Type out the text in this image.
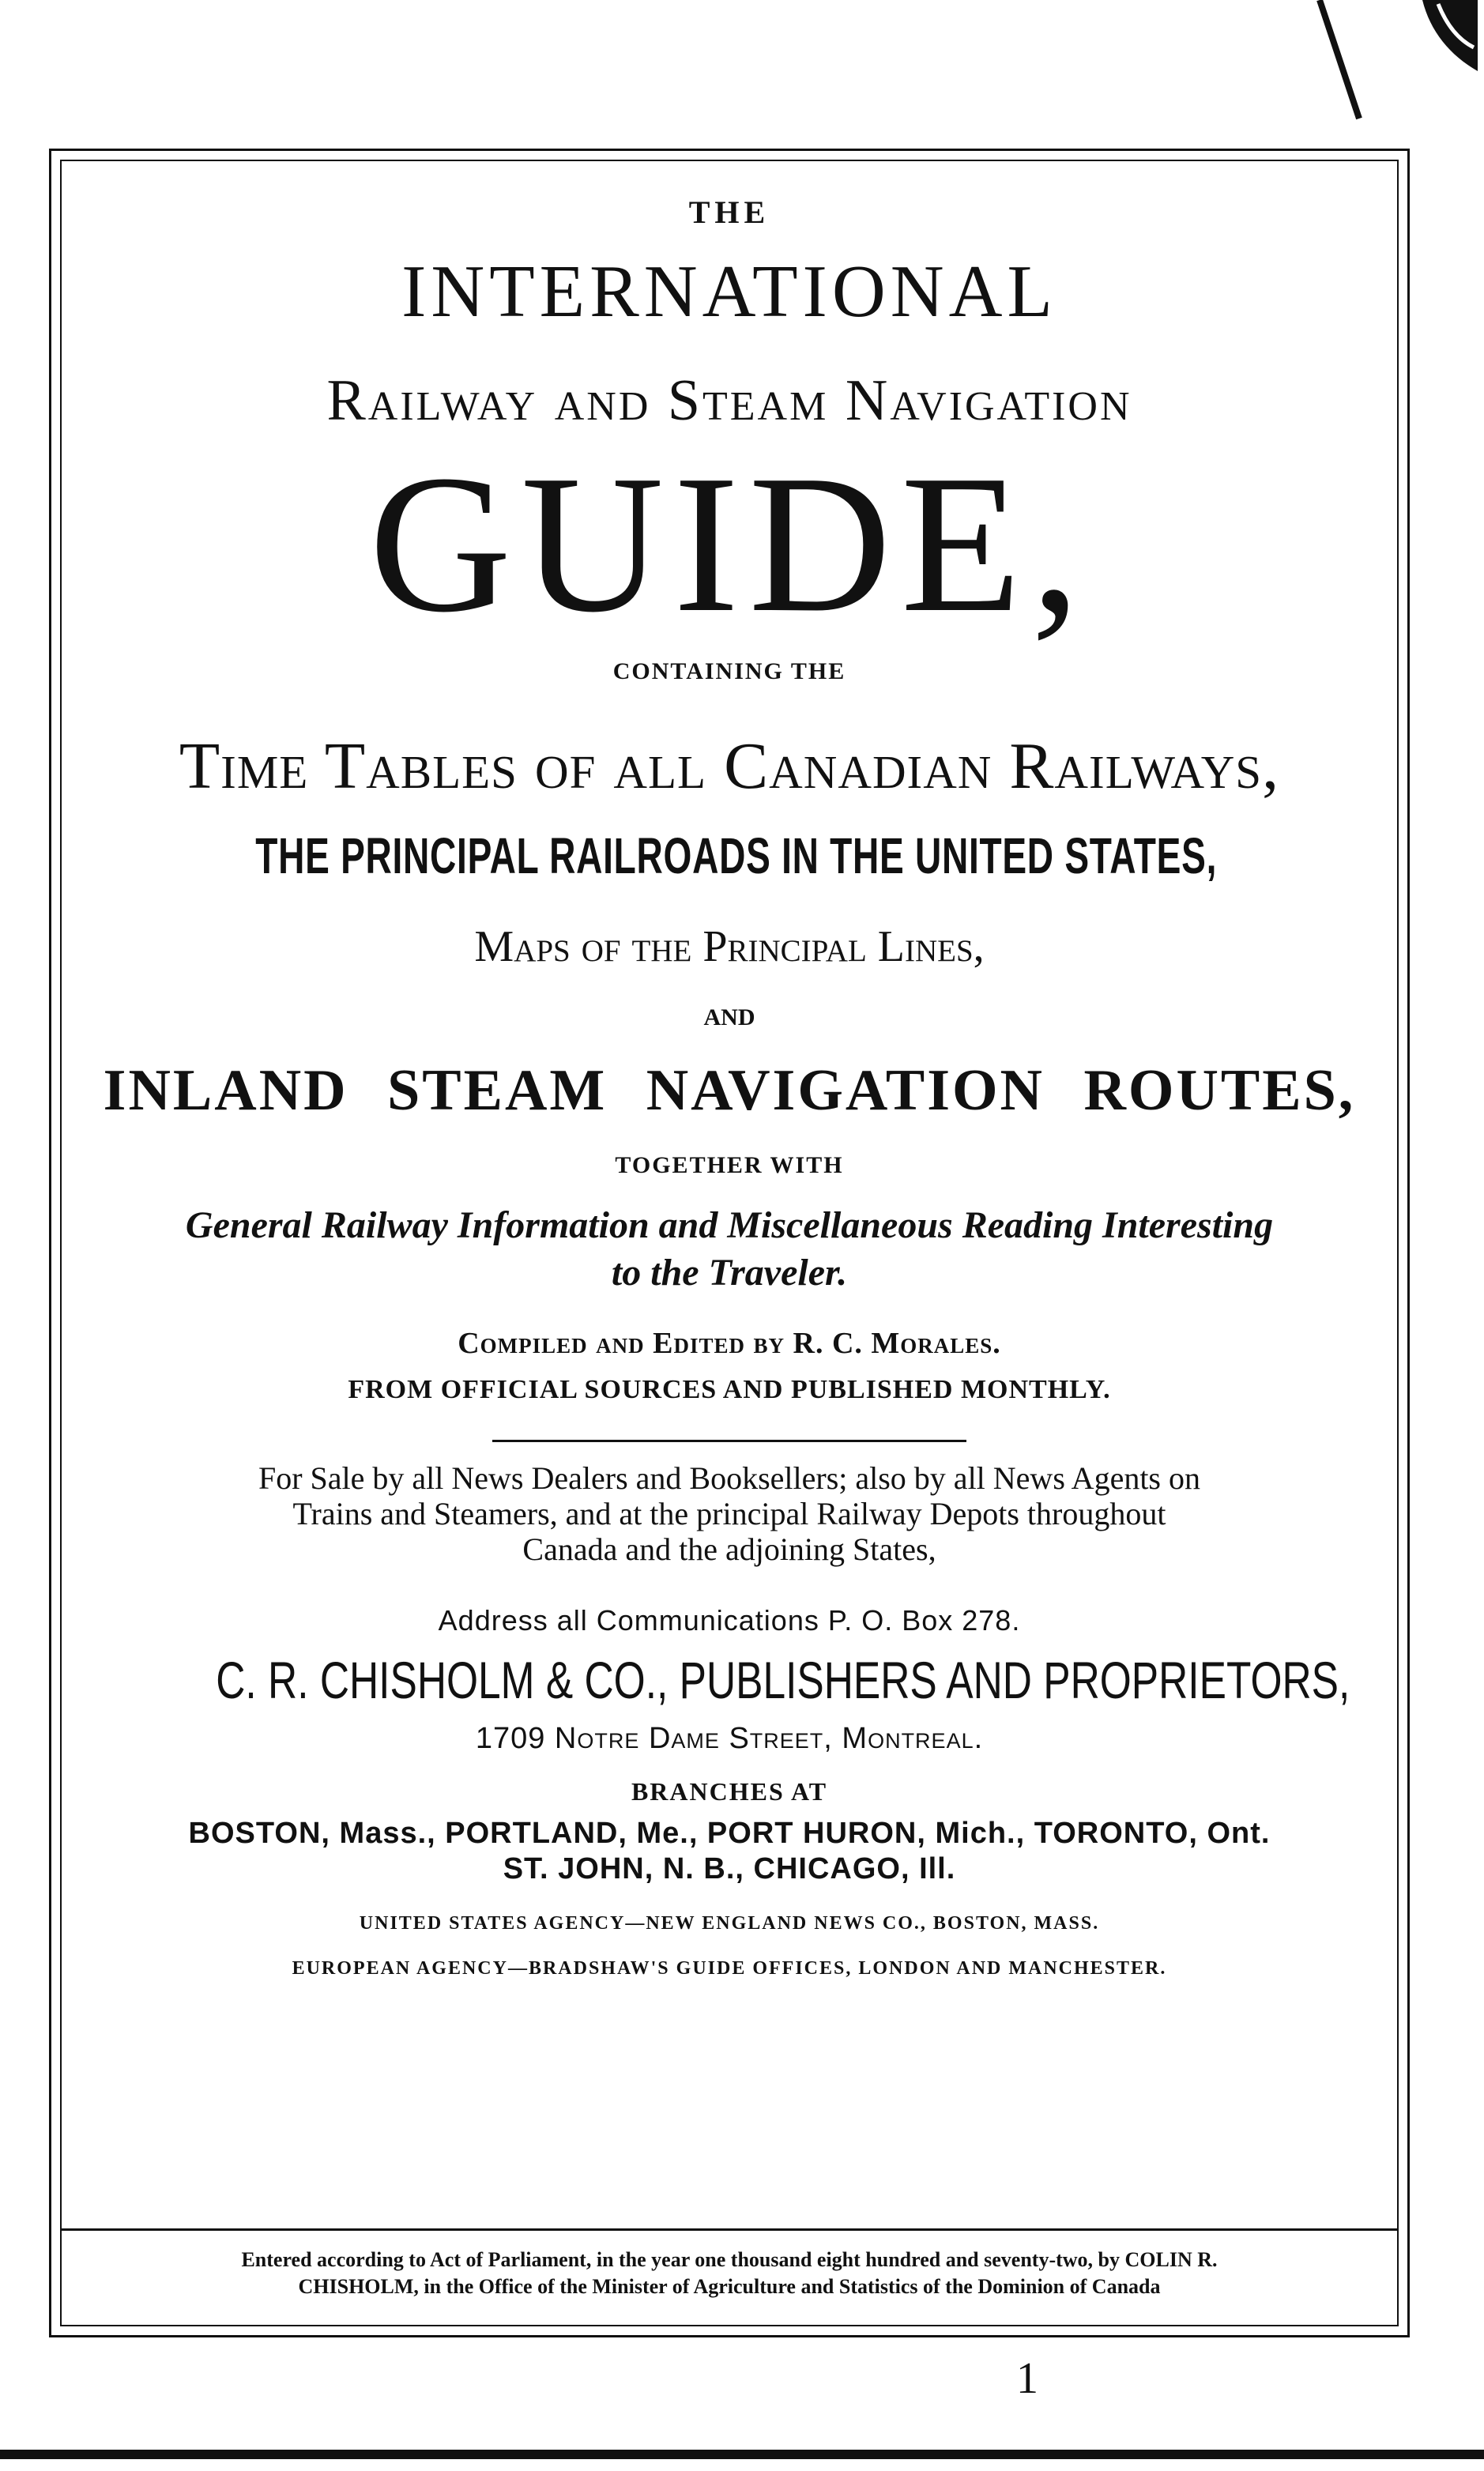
THE

INTERNATIONAL

Railway and Steam Navigation

GUIDE,

CONTAINING THE

Time Tables of all Canadian Railways,

THE PRINCIPAL RAILROADS IN THE UNITED STATES,

Maps of the Principal Lines,

AND

INLAND STEAM NAVIGATION ROUTES,

TOGETHER WITH

General Railway Information and Miscellaneous Reading Interesting
to the Traveler.

Compiled and Edited by R. C. Morales.

FROM OFFICIAL SOURCES AND PUBLISHED MONTHLY.

For Sale by all News Dealers and Booksellers; also by all News Agents on
Trains and Steamers, and at the principal Railway Depots throughout
Canada and the adjoining States,

Address all Communications P. O. Box 278.

C. R. CHISHOLM & CO., PUBLISHERS AND PROPRIETORS,

1709 Notre Dame Street, Montreal.

BRANCHES AT

BOSTON, Mass., PORTLAND, Me., PORT HURON, Mich., TORONTO, Ont.
ST. JOHN, N. B., CHICAGO, Ill.

UNITED STATES AGENCY—NEW ENGLAND NEWS CO., BOSTON, MASS.

EUROPEAN AGENCY—BRADSHAW'S GUIDE OFFICES, LONDON AND MANCHESTER.

Entered according to Act of Parliament, in the year one thousand eight hundred and seventy-two, by COLIN R.

CHISHOLM, in the Office of the Minister of Agriculture and Statistics of the Dominion of Canada

1
